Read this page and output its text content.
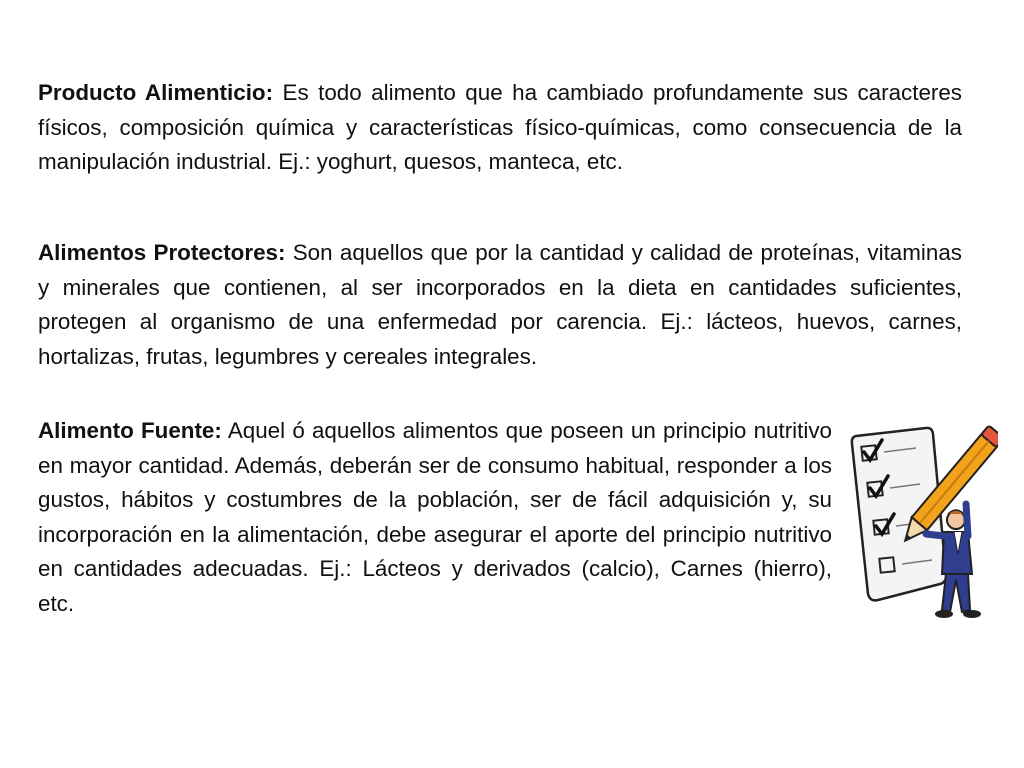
Producto Alimenticio: Es todo alimento que ha cambiado profundamente sus caracteres físicos, composición química y características físico-químicas, como consecuencia de la manipulación industrial. Ej.: yoghurt, quesos, manteca, etc.

Alimentos Protectores: Son aquellos que por la cantidad y calidad de proteínas, vitaminas y minerales que contienen, al ser incorporados en la dieta en cantidades suficientes, protegen al organismo de una enfermedad por carencia. Ej.: lácteos, huevos, carnes, hortalizas, frutas, legumbres y cereales integrales.

Alimento Fuente: Aquel ó aquellos alimentos que poseen un principio nutritivo en mayor cantidad. Además, deberán ser de consumo habitual, responder a los gustos, hábitos y costumbres de la población, ser de fácil adquisición y, su incorporación en la alimentación, debe asegurar el aporte del principio nutritivo en cantidades adecuadas. Ej.: Lácteos y derivados (calcio), Carnes (hierro), etc.
